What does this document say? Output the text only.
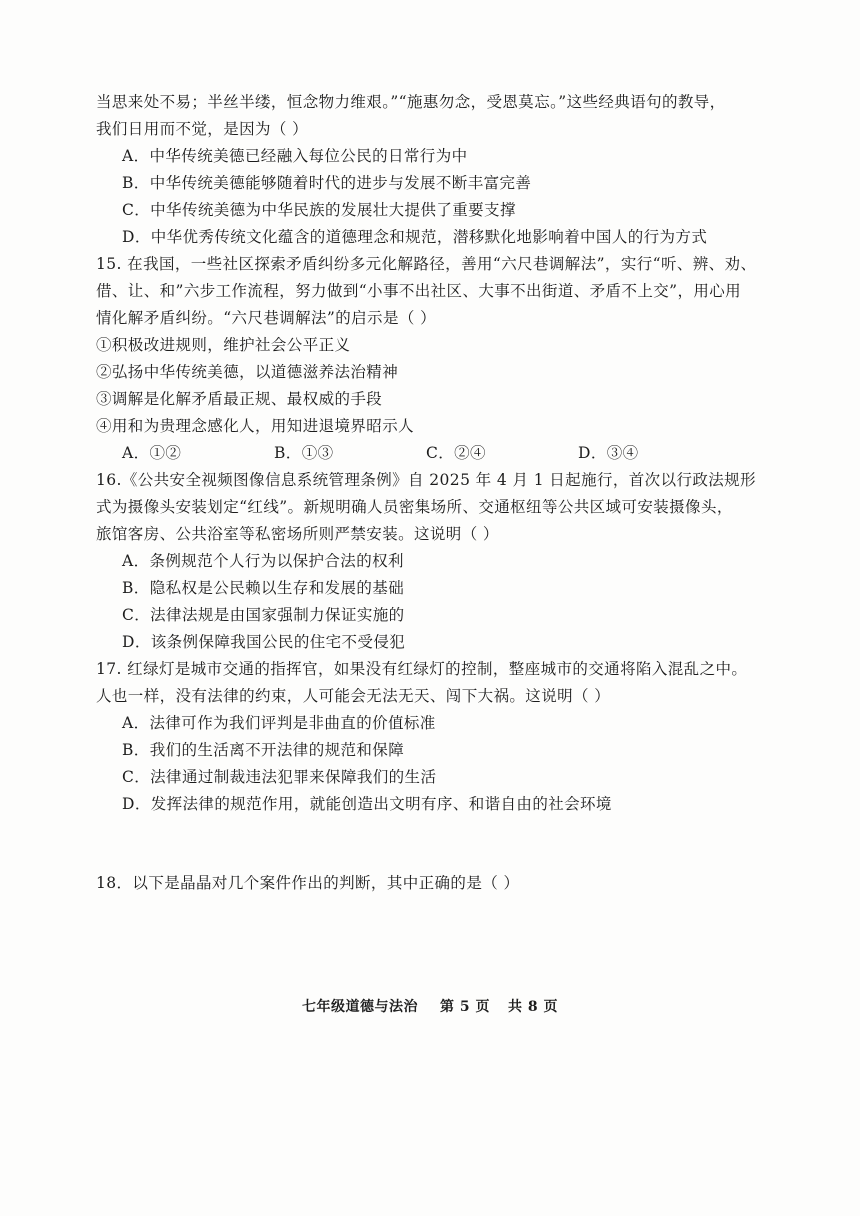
当思来处不易；半丝半缕，恒念物力维艰。”“施惠勿念，受恩莫忘。”这些经典语句的教导，
我们日用而不觉，是因为（ ）
A．中华传统美德已经融入每位公民的日常行为中
B．中华传统美德能够随着时代的进步与发展不断丰富完善
C．中华传统美德为中华民族的发展壮大提供了重要支撑
D．中华优秀传统文化蕴含的道德理念和规范，潜移默化地影响着中国人的行为方式
15. 在我国，一些社区探索矛盾纠纷多元化解路径，善用“六尺巷调解法”，实行“听、辨、劝、
借、让、和”六步工作流程，努力做到“小事不出社区、大事不出街道、矛盾不上交”，用心用
情化解矛盾纠纷。“六尺巷调解法”的启示是（ ）
①积极改进规则，维护社会公平正义
②弘扬中华传统美德，以道德滋养法治精神
③调解是化解矛盾最正规、最权威的手段
④用和为贵理念感化人，用知进退境界昭示人
A．①②	B．①③	C．②④	D．③④
16.《公共安全视频图像信息系统管理条例》自 2025 年 4 月 1 日起施行，首次以行政法规形
式为摄像头安装划定“红线”。新规明确人员密集场所、交通枢纽等公共区域可安装摄像头，
旅馆客房、公共浴室等私密场所则严禁安装。这说明（ ）
A．条例规范个人行为以保护合法的权利
B．隐私权是公民赖以生存和发展的基础
C．法律法规是由国家强制力保证实施的
D．该条例保障我国公民的住宅不受侵犯
17. 红绿灯是城市交通的指挥官，如果没有红绿灯的控制，整座城市的交通将陷入混乱之中。
人也一样，没有法律的约束，人可能会无法无天、闯下大祸。这说明（ ）
A．法律可作为我们评判是非曲直的价值标准
B．我们的生活离不开法律的规范和保障
C．法律通过制裁违法犯罪来保障我们的生活
D．发挥法律的规范作用，就能创造出文明有序、和谐自由的社会环境
18．以下是晶晶对几个案件作出的判断，其中正确的是（ ）
七年级道德与法治 第 5 页 共 8 页
